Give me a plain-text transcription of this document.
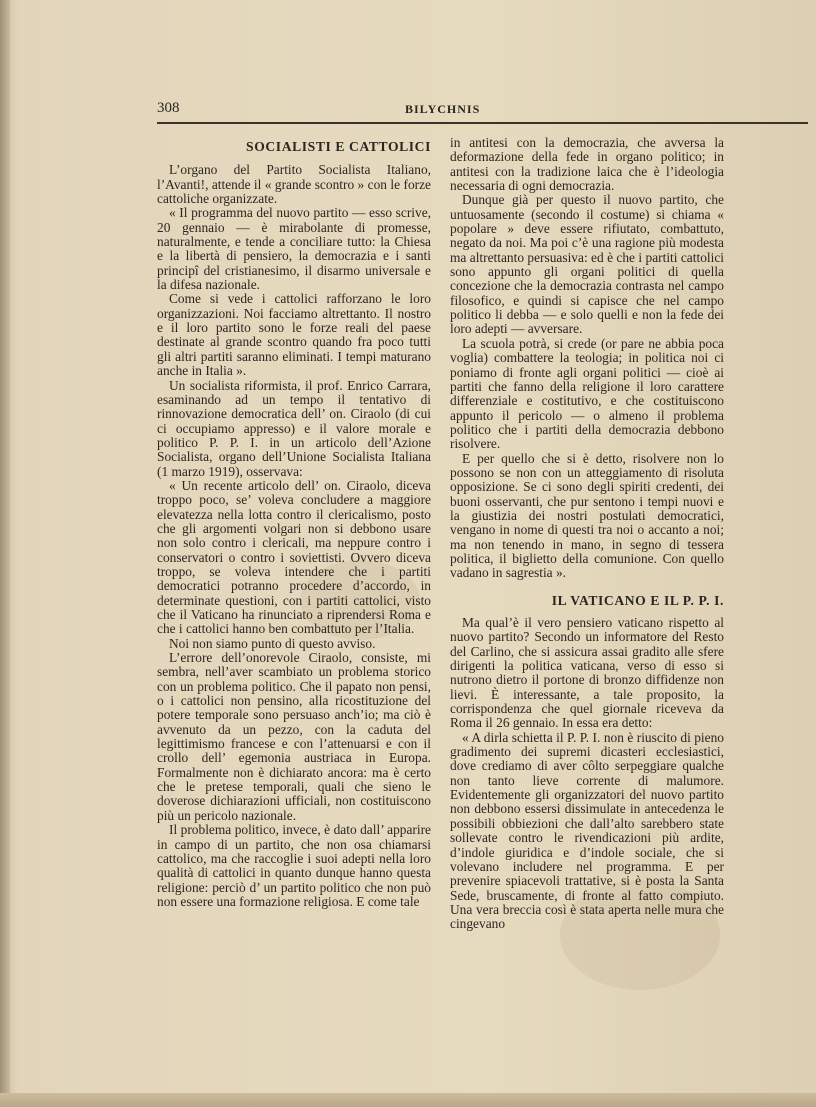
308	BILYCHNIS
SOCIALISTI E CATTOLICI

L’organo del Partito Socialista Italiano, l’Avanti!, attende il « grande scontro » con le forze cattoliche organizzate.

« Il programma del nuovo partito — esso scrive, 20 gennaio — è mirabolante di promesse, naturalmente, e tende a conciliare tutto: la Chiesa e la libertà di pensiero, la democrazia e i santi principî del cristianesimo, il disarmo universale e la difesa nazionale.

Come si vede i cattolici rafforzano le loro organizzazioni. Noi facciamo altrettanto. Il nostro e il loro partito sono le forze reali del paese destinate al grande scontro quando fra poco tutti gli altri partiti saranno eliminati. I tempi maturano anche in Italia ».

Un socialista riformista, il prof. Enrico Carrara, esaminando ad un tempo il tentativo di rinnovazione democratica dell’ on. Ciraolo (di cui ci occupiamo appresso) e il valore morale e politico P. P. I. in un articolo dell’Azione Socialista, organo dell’Unione Socialista Italiana (1 marzo 1919), osservava:

« Un recente articolo dell’ on. Ciraolo, diceva troppo poco, se’ voleva concludere a maggiore elevatezza nella lotta contro il clericalismo, posto che gli argomenti volgari non si debbono usare non solo contro i clericali, ma neppure contro i conservatori o contro i soviettisti. Ovvero diceva troppo, se voleva intendere che i partiti democratici potranno procedere d’accordo, in determinate questioni, con i partiti cattolici, visto che il Vaticano ha rinunciato a riprendersi Roma e che i cattolici hanno ben combattuto per l’Italia.

Noi non siamo punto di questo avviso.

L’errore dell’onorevole Ciraolo, consiste, mi sembra, nell’aver scambiato un problema storico con un problema politico. Che il papato non pensi, o i cattolici non pensino, alla ricostituzione del potere temporale sono persuaso anch’io; ma ciò è avvenuto da un pezzo, con la caduta del legittimismo francese e con l’attenuarsi e con il crollo dell’ egemonia austriaca in Europa. Formalmente non è dichiarato ancora: ma è certo che le pretese temporali, quali che sieno le doverose dichiarazioni ufficiali, non costituiscono più un pericolo nazionale.

Il problema politico, invece, è dato dall’ apparire in campo di un partito, che non osa chiamarsi cattolico, ma che raccoglie i suoi adepti nella loro qualità di cattolici in quanto dunque hanno questa religione: perciò d’ un partito politico che non può non essere una formazione religiosa. E come tale

in antitesi con la democrazia, che avversa la deformazione della fede in organo politico; in antitesi con la tradizione laica che è l’ideologia necessaria di ogni democrazia.

Dunque già per questo il nuovo partito, che untuosamente (secondo il costume) si chiama « popolare » deve essere rifiutato, combattuto, negato da noi. Ma poi c’è una ragione più modesta ma altrettanto persuasiva: ed è che i partiti cattolici sono appunto gli organi politici di quella concezione che la democrazia contrasta nel campo filosofico, e quindi si capisce che nel campo politico li debba — e solo quelli e non la fede dei loro adepti — avversare.

La scuola potrà, si crede (or pare ne abbia poca voglia) combattere la teologia; in politica noi ci poniamo di fronte agli organi politici — cioè ai partiti che fanno della religione il loro carattere differenziale e costitutivo, e che costituiscono appunto il pericolo — o almeno il problema politico che i partiti della democrazia debbono risolvere.

E per quello che si è detto, risolvere non lo possono se non con un atteggiamento di risoluta opposizione. Se ci sono degli spiriti credenti, dei buoni osservanti, che pur sentono i tempi nuovi e la giustizia dei nostri postulati democratici, vengano in nome di questi tra noi o accanto a noi; ma non tenendo in mano, in segno di tessera politica, il biglietto della comunione. Con quello vadano in sagrestia ».

IL VATICANO E IL P. P. I.

Ma qual’è il vero pensiero vaticano rispetto al nuovo partito? Secondo un informatore del Resto del Carlino, che si assicura assai gradito alle sfere dirigenti la politica vaticana, verso di esso si nutrono dietro il portone di bronzo diffidenze non lievi. È interessante, a tale proposito, la corrispondenza che quel giornale riceveva da Roma il 26 gennaio. In essa era detto:

« A dirla schietta il P. P. I. non è riuscito di pieno gradimento dei supremi dicasteri ecclesiastici, dove crediamo di aver côlto serpeggiare qualche non tanto lieve corrente di malumore. Evidentemente gli organizzatori del nuovo partito non debbono essersi dissimulate in antecedenza le possibili obbiezioni che dall’alto sarebbero state sollevate contro le rivendicazioni più ardite, d’indole giuridica e d’indole sociale, che si volevano includere nel programma. E per prevenire spiacevoli trattative, si è posta la Santa Sede, bruscamente, di fronte al fatto compiuto. Una vera breccia così è stata aperta nelle mura che cingevano
